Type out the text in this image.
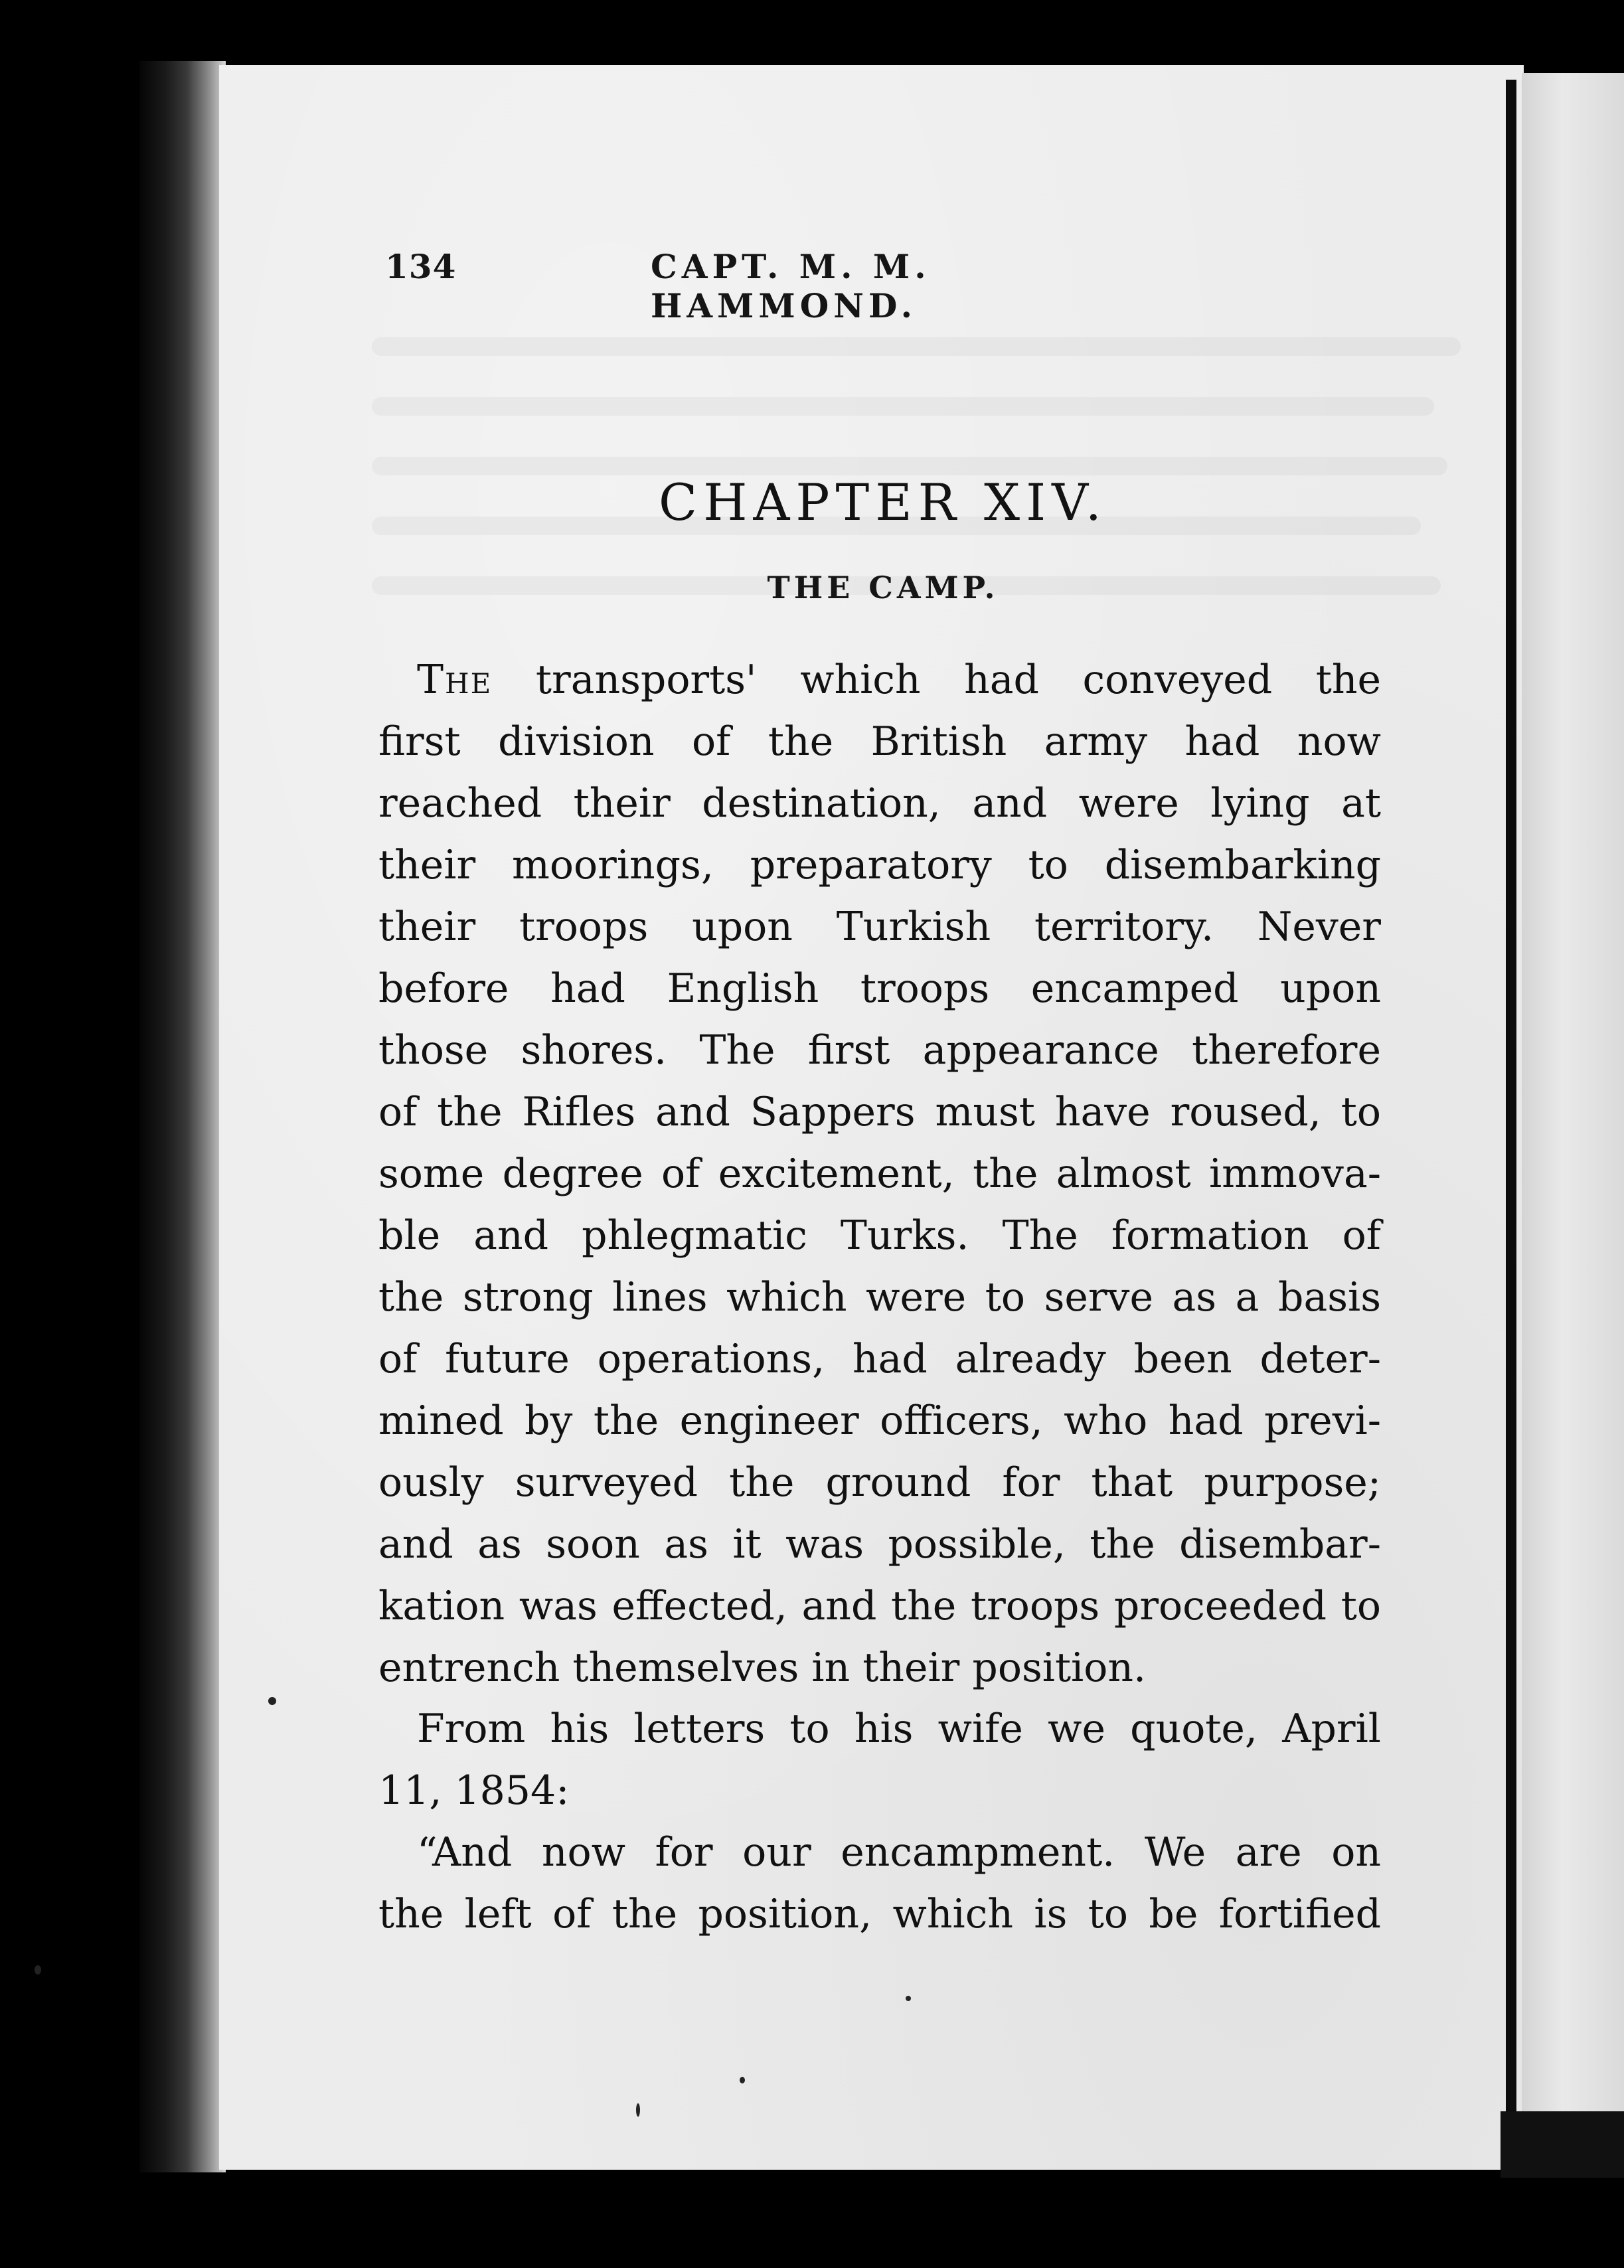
134	CAPT. M. M. HAMMOND.
CHAPTER XIV.
THE CAMP.
The transports' which had conveyed the
first division of the British army had now
reached their destination, and were lying at
their moorings, preparatory to disembarking
their troops upon Turkish territory. Never
before had English troops encamped upon
those shores. The first appearance therefore
of the Rifles and Sappers must have roused, to
some degree of excitement, the almost immova-
ble and phlegmatic Turks. The formation of
the strong lines which were to serve as a basis
of future operations, had already been deter-
mined by the engineer officers, who had previ-
ously surveyed the ground for that purpose;
and as soon as it was possible, the disembar-
kation was effected, and the troops proceeded to
entrench themselves in their position.
From his letters to his wife we quote, April
11, 1854:
“And now for our encampment. We are on
the left of the position, which is to be fortified
